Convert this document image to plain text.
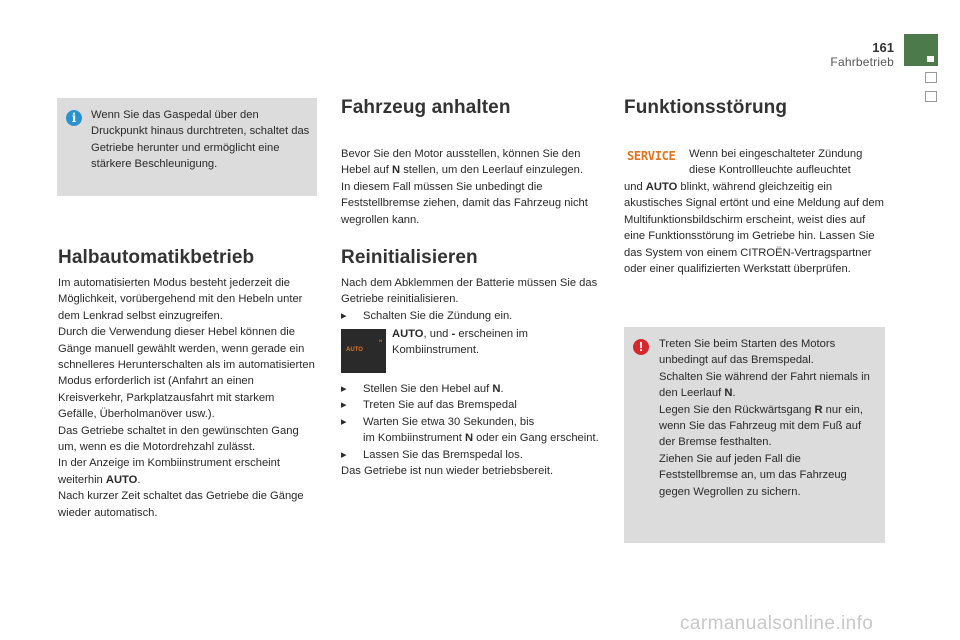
161
Fahrbetrieb
i	Wenn Sie das Gaspedal über den Druckpunkt hinaus durchtreten, schaltet das Getriebe herunter und ermöglicht eine stärkere Beschleunigung.
Halbautomatikbetrieb
Im automatisierten Modus besteht jederzeit die Möglichkeit, vorübergehend mit den Hebeln unter dem Lenkrad selbst einzugreifen.
Durch die Verwendung dieser Hebel können die Gänge manuell gewählt werden, wenn gerade ein schnelleres Herunterschalten als im automatisierten Modus erforderlich ist (Anfahrt an einen Kreisverkehr, Parkplatzausfahrt mit starkem Gefälle, Überholmanöver usw.).
Das Getriebe schaltet in den gewünschten Gang um, wenn es die Motordrehzahl zulässt.
In der Anzeige im Kombiinstrument erscheint weiterhin AUTO.
Nach kurzer Zeit schaltet das Getriebe die Gänge wieder automatisch.
Fahrzeug anhalten
Bevor Sie den Motor ausstellen, können Sie den Hebel auf N stellen, um den Leerlauf einzulegen.
In diesem Fall müssen Sie unbedingt die Feststellbremse ziehen, damit das Fahrzeug nicht wegrollen kann.
Reinitialisieren
Nach dem Abklemmen der Batterie müssen Sie das Getriebe reinitialisieren.

▸ Schalten Sie die Zündung ein.
N
AUTO
AUTO, und - erscheinen im Kombiinstrument.
▸ Stellen Sie den Hebel auf N.
▸ Treten Sie auf das Bremspedal
▸ Warten Sie etwa 30 Sekunden, bis
im Kombiinstrument N oder ein Gang erscheint.
▸ Lassen Sie das Bremspedal los.
Das Getriebe ist nun wieder betriebsbereit.
Funktionsstörung
SERVICE Wenn bei eingeschalteter Zündung diese Kontrollleuchte aufleuchtet
und AUTO blinkt, während gleichzeitig ein akustisches Signal ertönt und eine Meldung auf dem Multifunktionsbildschirm erscheint, weist dies auf eine Funktionsstörung im Getriebe hin. Lassen Sie das System von einem CITROËN-Vertragspartner oder einer qualifizierten Werkstatt überprüfen.
!	Treten Sie beim Starten des Motors unbedingt auf das Bremspedal.
Schalten Sie während der Fahrt niemals in den Leerlauf N.
Legen Sie den Rückwärtsgang R nur ein, wenn Sie das Fahrzeug mit dem Fuß auf der Bremse festhalten.
Ziehen Sie auf jeden Fall die Feststellbremse an, um das Fahrzeug gegen Wegrollen zu sichern.
carmanualsonline.info
